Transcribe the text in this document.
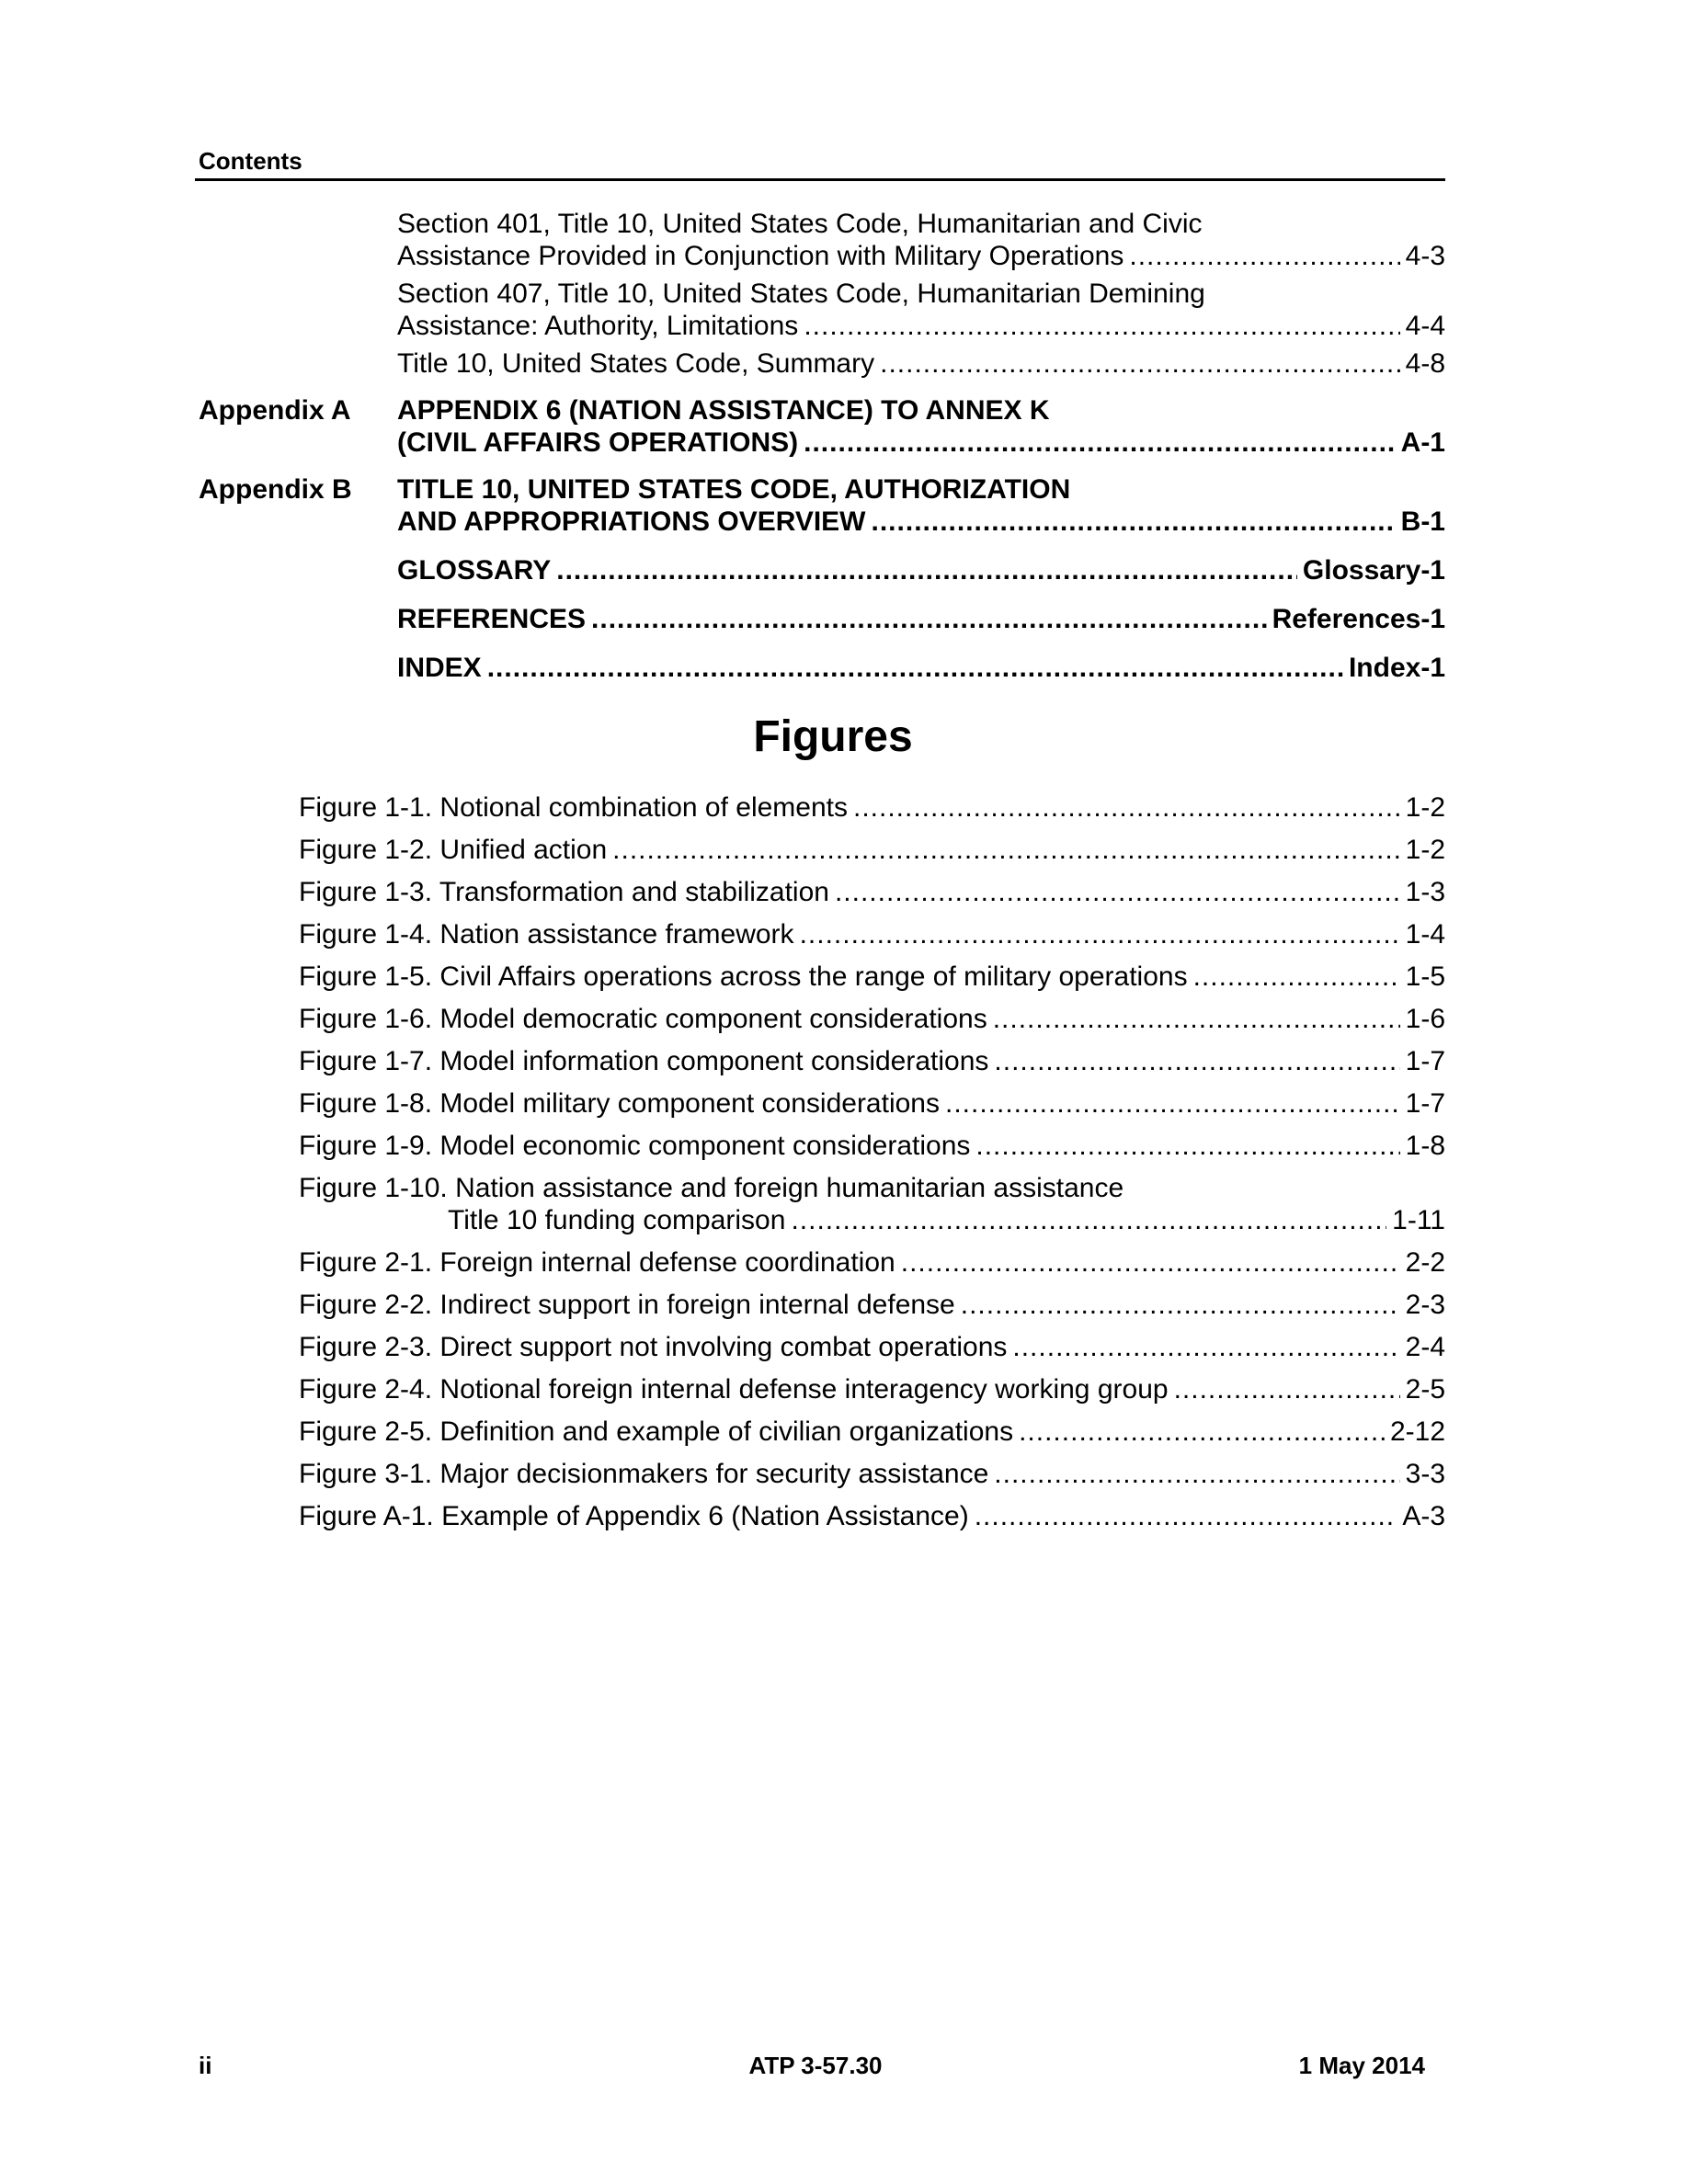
Contents
Section 401, Title 10, United States Code, Humanitarian and Civic
Assistance Provided in Conjunction with Military Operations .....	4-3
Section 407, Title 10, United States Code, Humanitarian Demining
Assistance: Authority, Limitations .....	4-4
Title 10, United States Code, Summary .....	4-8
Appendix A APPENDIX 6 (NATION ASSISTANCE) TO ANNEX K
(CIVIL AFFAIRS OPERATIONS) .....	A-1
Appendix B TITLE 10, UNITED STATES CODE, AUTHORIZATION
AND APPROPRIATIONS OVERVIEW .....	B-1
GLOSSARY .....	Glossary-1
REFERENCES .....	References-1
INDEX .....	Index-1
Figures
Figure 1-1. Notional combination of elements .....	1-2
Figure 1-2. Unified action .....	1-2
Figure 1-3. Transformation and stabilization .....	1-3
Figure 1-4. Nation assistance framework .....	1-4
Figure 1-5. Civil Affairs operations across the range of military operations .....	1-5
Figure 1-6. Model democratic component considerations .....	1-6
Figure 1-7. Model information component considerations .....	1-7
Figure 1-8. Model military component considerations .....	1-7
Figure 1-9. Model economic component considerations .....	1-8
Figure 1-10. Nation assistance and foreign humanitarian assistance
Title 10 funding comparison .....	1-11
Figure 2-1. Foreign internal defense coordination .....	2-2
Figure 2-2. Indirect support in foreign internal defense .....	2-3
Figure 2-3. Direct support not involving combat operations .....	2-4
Figure 2-4. Notional foreign internal defense interagency working group .....	2-5
Figure 2-5. Definition and example of civilian organizations .....	2-12
Figure 3-1. Major decisionmakers for security assistance .....	3-3
Figure A-1. Example of Appendix 6 (Nation Assistance) .....	A-3
ii	ATP 3-57.30	1 May 2014
